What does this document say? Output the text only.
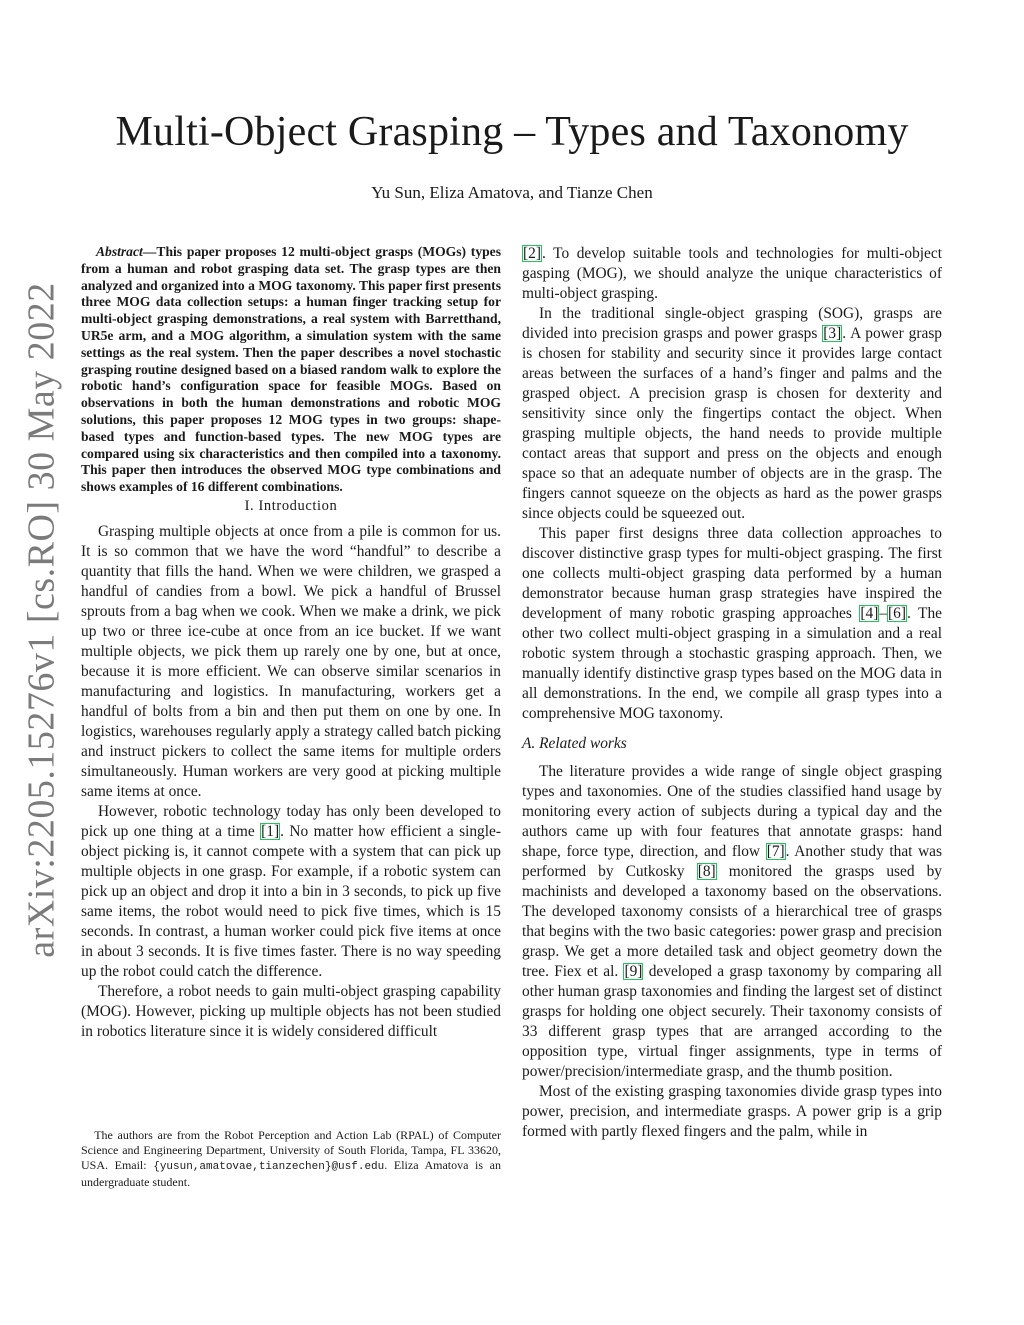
arXiv:2205.15276v1 [cs.RO] 30 May 2022
Multi-Object Grasping – Types and Taxonomy
Yu Sun, Eliza Amatova, and Tianze Chen

Abstract—This paper proposes 12 multi-object grasps (MOGs) types from a human and robot grasping data set. The grasp types are then analyzed and organized into a MOG taxonomy. This paper first presents three MOG data collection setups: a human finger tracking setup for multi-object grasping demonstrations, a real system with Barretthand, UR5e arm, and a MOG algorithm, a simulation system with the same settings as the real system. Then the paper describes a novel stochastic grasping routine designed based on a biased random walk to explore the robotic hand’s configuration space for feasible MOGs. Based on observations in both the human demonstrations and robotic MOG solutions, this paper proposes 12 MOG types in two groups: shape-based types and function-based types. The new MOG types are compared using six characteristics and then compiled into a taxonomy. This paper then introduces the observed MOG type combinations and shows examples of 16 different combinations.

I. Introduction

Grasping multiple objects at once from a pile is common for us. It is so common that we have the word “handful” to describe a quantity that fills the hand. When we were children, we grasped a handful of candies from a bowl. We pick a handful of Brussel sprouts from a bag when we cook. When we make a drink, we pick up two or three ice-cube at once from an ice bucket. If we want multiple objects, we pick them up rarely one by one, but at once, because it is more efficient. We can observe similar scenarios in manufacturing and logistics. In manufacturing, workers get a handful of bolts from a bin and then put them on one by one. In logistics, warehouses regularly apply a strategy called batch picking and instruct pickers to collect the same items for multiple orders simultaneously. Human workers are very good at picking multiple same items at once.

However, robotic technology today has only been developed to pick up one thing at a time [1]. No matter how efficient a single-object picking is, it cannot compete with a system that can pick up multiple objects in one grasp. For example, if a robotic system can pick up an object and drop it into a bin in 3 seconds, to pick up five same items, the robot would need to pick five times, which is 15 seconds. In contrast, a human worker could pick five items at once in about 3 seconds. It is five times faster. There is no way speeding up the robot could catch the difference.

Therefore, a robot needs to gain multi-object grasping capability (MOG). However, picking up multiple objects has not been studied in robotics literature since it is widely considered difficult

[2]. To develop suitable tools and technologies for multi-object gasping (MOG), we should analyze the unique characteristics of multi-object grasping.

In the traditional single-object grasping (SOG), grasps are divided into precision grasps and power grasps [3]. A power grasp is chosen for stability and security since it provides large contact areas between the surfaces of a hand’s finger and palms and the grasped object. A precision grasp is chosen for dexterity and sensitivity since only the fingertips contact the object. When grasping multiple objects, the hand needs to provide multiple contact areas that support and press on the objects and enough space so that an adequate number of objects are in the grasp. The fingers cannot squeeze on the objects as hard as the power grasps since objects could be squeezed out.

This paper first designs three data collection approaches to discover distinctive grasp types for multi-object grasping. The first one collects multi-object grasping data performed by a human demonstrator because human grasp strategies have inspired the development of many robotic grasping approaches [4]–[6]. The other two collect multi-object grasping in a simulation and a real robotic system through a stochastic grasping approach. Then, we manually identify distinctive grasp types based on the MOG data in all demonstrations. In the end, we compile all grasp types into a comprehensive MOG taxonomy.

A. Related works

The literature provides a wide range of single object grasping types and taxonomies. One of the studies classified hand usage by monitoring every action of subjects during a typical day and the authors came up with four features that annotate grasps: hand shape, force type, direction, and flow [7]. Another study that was performed by Cutkosky [8] monitored the grasps used by machinists and developed a taxonomy based on the observations. The developed taxonomy consists of a hierarchical tree of grasps that begins with the two basic categories: power grasp and precision grasp. We get a more detailed task and object geometry down the tree. Fiex et al. [9] developed a grasp taxonomy by comparing all other human grasp taxonomies and finding the largest set of distinct grasps for holding one object securely. Their taxonomy consists of 33 different grasp types that are arranged according to the opposition type, virtual finger assignments, type in terms of power/precision/intermediate grasp, and the thumb position.

Most of the existing grasping taxonomies divide grasp types into power, precision, and intermediate grasps. A power grip is a grip formed with partly flexed fingers and the palm, while in

The authors are from the Robot Perception and Action Lab (RPAL) of Computer Science and Engineering Department, University of South Florida, Tampa, FL 33620, USA. Email: {yusun,amatovae,tianzechen}@usf.edu. Eliza Amatova is an undergraduate student.
